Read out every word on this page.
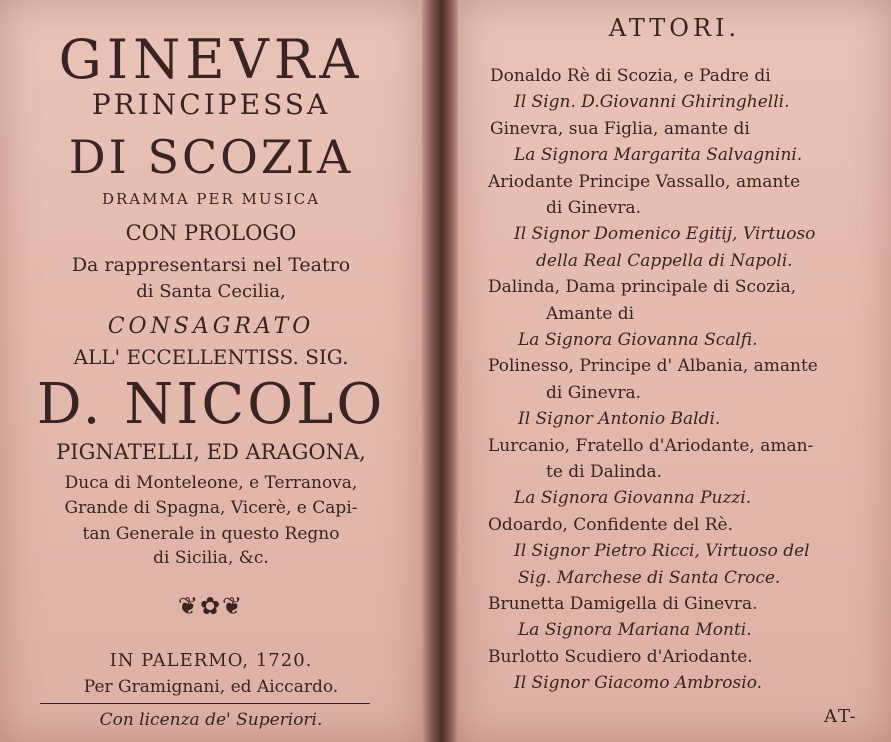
GINEVRA
PRINCIPESSA
DI SCOZIA
DRAMMA PER MUSICA
CON PROLOGO
Da rappresentarsi nel Teatro
di Santa Cecilia,
CONSAGRATO
ALL' ECCELLENTISS. SIG.
D. NICOLO
PIGNATELLI, ED ARAGONA,
Duca di Monteleone, e Terranova,
Grande di Spagna, Vicerè, e Capi-
tan Generale in questo Regno
di Sicilia, &c.
❦✿❦
IN PALERMO, 1720.
Per Gramignani, ed Aiccardo.
Con licenza de' Superiori.
ATTORI.
Donaldo Rè di Scozia, e Padre di
Il Sign. D.Giovanni Ghiringhelli.
Ginevra, sua Figlia, amante di
La Signora Margarita Salvagnini.
Ariodante Principe Vassallo, amante
di Ginevra.
Il Signor Domenico Egitij, Virtuoso
della Real Cappella di Napoli.
Dalinda, Dama principale di Scozia,
Amante di
La Signora Giovanna Scalfi.
Polinesso, Principe d' Albania, amante
di Ginevra.
Il Signor Antonio Baldi.
Lurcanio, Fratello d'Ariodante, aman-
te di Dalinda.
La Signora Giovanna Puzzi.
Odoardo, Confidente del Rè.
Il Signor Pietro Ricci, Virtuoso del
Sig. Marchese di Santa Croce.
Brunetta Damigella di Ginevra.
La Signora Mariana Monti.
Burlotto Scudiero d'Ariodante.
Il Signor Giacomo Ambrosio.
AT-
